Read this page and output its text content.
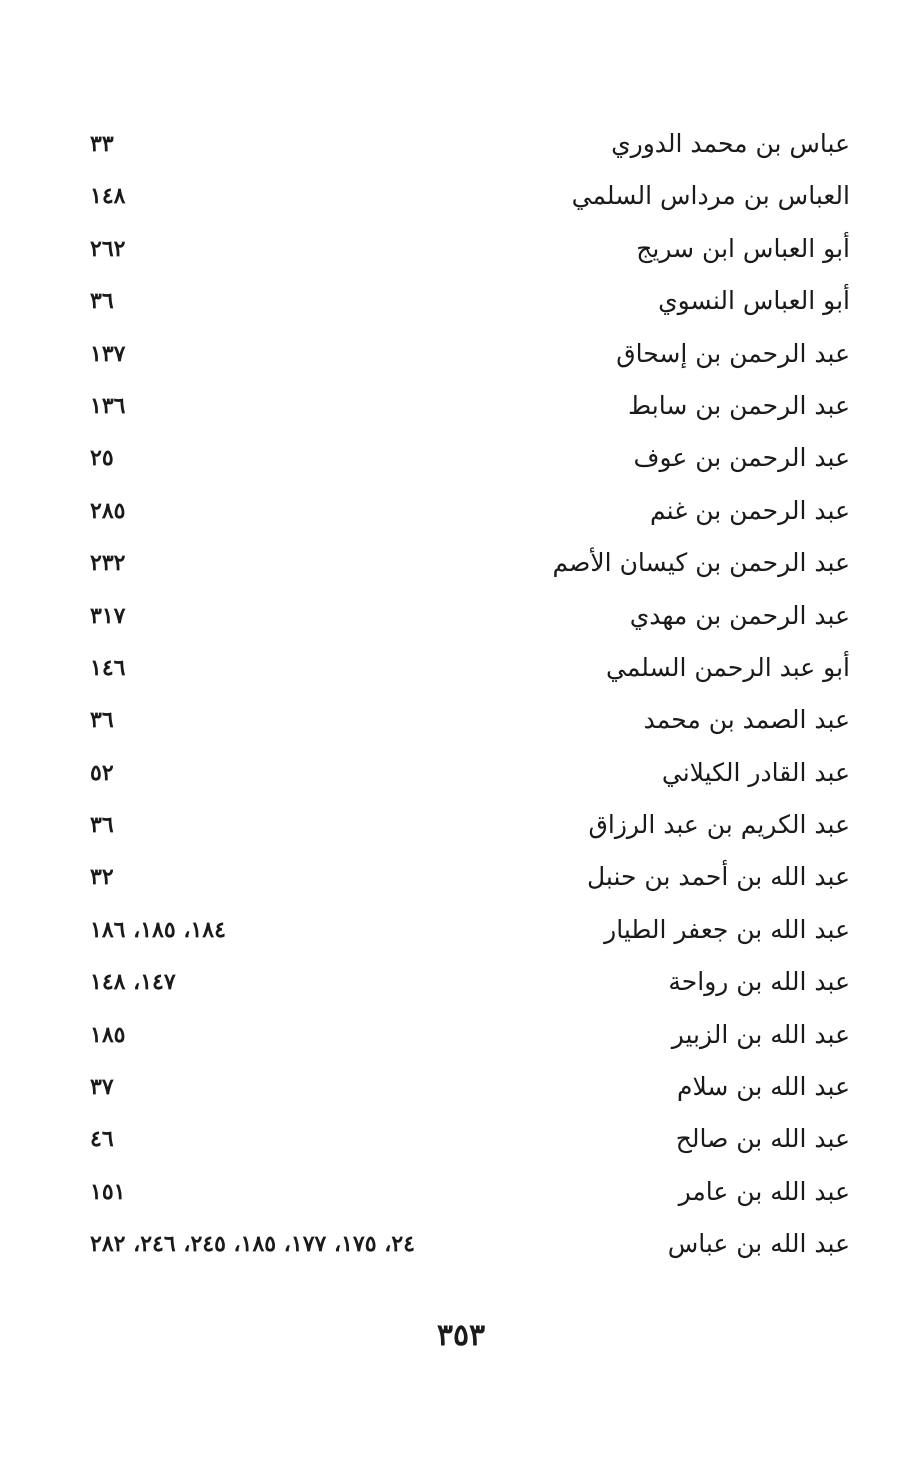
عباس بن محمد الدوري
٣٣
العباس بن مرداس السلمي
١٤٨
أبو العباس ابن سريج
٢٦٢
أبو العباس النسوي
٣٦
عبد الرحمن بن إسحاق
١٣٧
عبد الرحمن بن سابط
١٣٦
عبد الرحمن بن عوف
٢٥
عبد الرحمن بن غنم
٢٨٥
عبد الرحمن بن كيسان الأصم
٢٣٢
عبد الرحمن بن مهدي
٣١٧
أبو عبد الرحمن السلمي
١٤٦
عبد الصمد بن محمد
٣٦
عبد القادر الكيلاني
٥٢
عبد الكريم بن عبد الرزاق
٣٦
عبد الله بن أحمد بن حنبل
٣٢
عبد الله بن جعفر الطيار
١٨٤، ١٨٥، ١٨٦
عبد الله بن رواحة
١٤٧، ١٤٨
عبد الله بن الزبير
١٨٥
عبد الله بن سلام
٣٧
عبد الله بن صالح
٤٦
عبد الله بن عامر
١٥١
عبد الله بن عباس
٢٤، ١٧٥، ١٧٧، ١٨٥، ٢٤٥، ٢٤٦، ٢٨٢
٣٥٣
